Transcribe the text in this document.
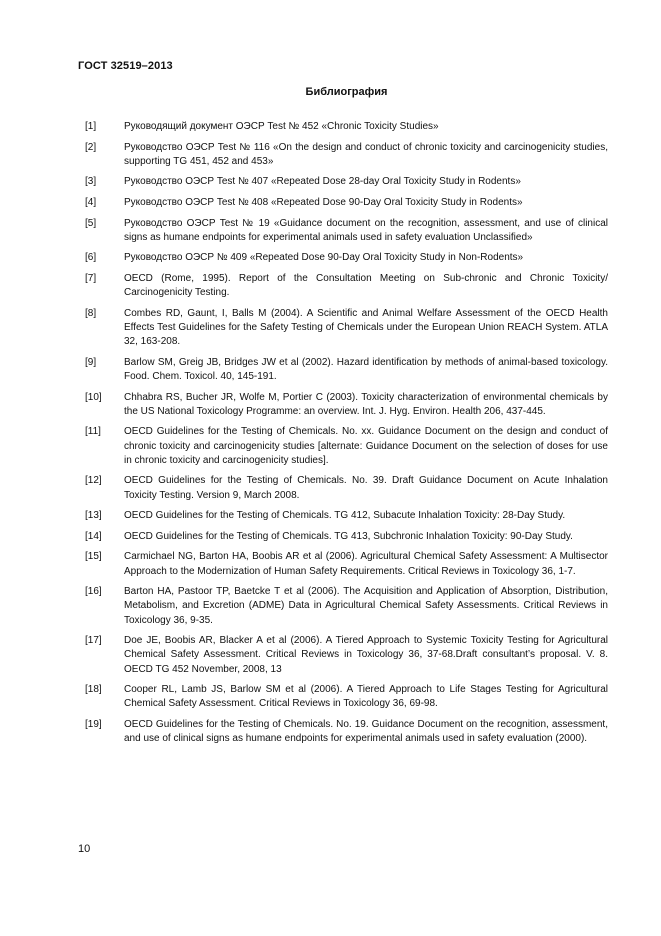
ГОСТ 32519–2013
Библиография
[1]	Руководящий документ ОЭСР Test № 452 «Chronic Toxicity Studies»
[2]	Руководство ОЭСР Test № 116 «On the design and conduct of chronic toxicity and carcinogenicity studies, supporting TG 451, 452 and 453»
[3]	Руководство ОЭСР Test № 407 «Repeated Dose 28-day Oral Toxicity Study in Rodents»
[4]	Руководство ОЭСР Test № 408 «Repeated Dose 90-Day Oral Toxicity Study in Rodents»
[5]	Руководство ОЭСР Test № 19 «Guidance document on the recognition, assessment, and use of clinical signs as humane endpoints for experimental animals used in safety evaluation Unclassified»
[6]	Руководство ОЭСР № 409 «Repeated Dose 90-Day Oral Toxicity Study in Non-Rodents»
[7]	OECD (Rome, 1995). Report of the Consultation Meeting on Sub-chronic and Chronic Toxicity/ Carcinogenicity Testing.
[8]	Combes RD, Gaunt, I, Balls M (2004). A Scientific and Animal Welfare Assessment of the OECD Health Effects Test Guidelines for the Safety Testing of Chemicals under the European Union REACH System. ATLA 32, 163-208.
[9]	Barlow SM, Greig JB, Bridges JW et al (2002). Hazard identification by methods of animal-based toxicology. Food. Chem. Toxicol. 40, 145-191.
[10]	Chhabra RS, Bucher JR, Wolfe M, Portier C (2003). Toxicity characterization of environmental chemicals by the US National Toxicology Programme: an overview. Int. J. Hyg. Environ. Health 206, 437-445.
[11]	OECD Guidelines for the Testing of Chemicals. No. xx. Guidance Document on the design and conduct of chronic toxicity and carcinogenicity studies [alternate: Guidance Document on the selection of doses for use in chronic toxicity and carcinogenicity studies].
[12]	OECD Guidelines for the Testing of Chemicals. No. 39. Draft Guidance Document on Acute Inhalation Toxicity Testing. Version 9, March 2008.
[13]	OECD Guidelines for the Testing of Chemicals. TG 412, Subacute Inhalation Toxicity: 28-Day Study.
[14]	OECD Guidelines for the Testing of Chemicals. TG 413, Subchronic Inhalation Toxicity: 90-Day Study.
[15]	Carmichael NG, Barton HA, Boobis AR et al (2006). Agricultural Chemical Safety Assessment: A Multisector Approach to the Modernization of Human Safety Requirements. Critical Reviews in Toxicology 36, 1-7.
[16]	Barton HA, Pastoor TP, Baetcke T et al (2006). The Acquisition and Application of Absorption, Distribution, Metabolism, and Excretion (ADME) Data in Agricultural Chemical Safety Assessments. Critical Reviews in Toxicology 36, 9-35.
[17]	Doe JE, Boobis AR, Blacker A et al (2006). A Tiered Approach to Systemic Toxicity Testing for Agricultural Chemical Safety Assessment. Critical Reviews in Toxicology 36, 37-68.Draft consultant’s proposal. V. 8. OECD TG 452 November, 2008, 13
[18]	Cooper RL, Lamb JS, Barlow SM et al (2006). A Tiered Approach to Life Stages Testing for Agricultural Chemical Safety Assessment. Critical Reviews in Toxicology 36, 69-98.
[19]	OECD Guidelines for the Testing of Chemicals. No. 19. Guidance Document on the recognition, assessment, and use of clinical signs as humane endpoints for experimental animals used in safety evaluation (2000).
10
